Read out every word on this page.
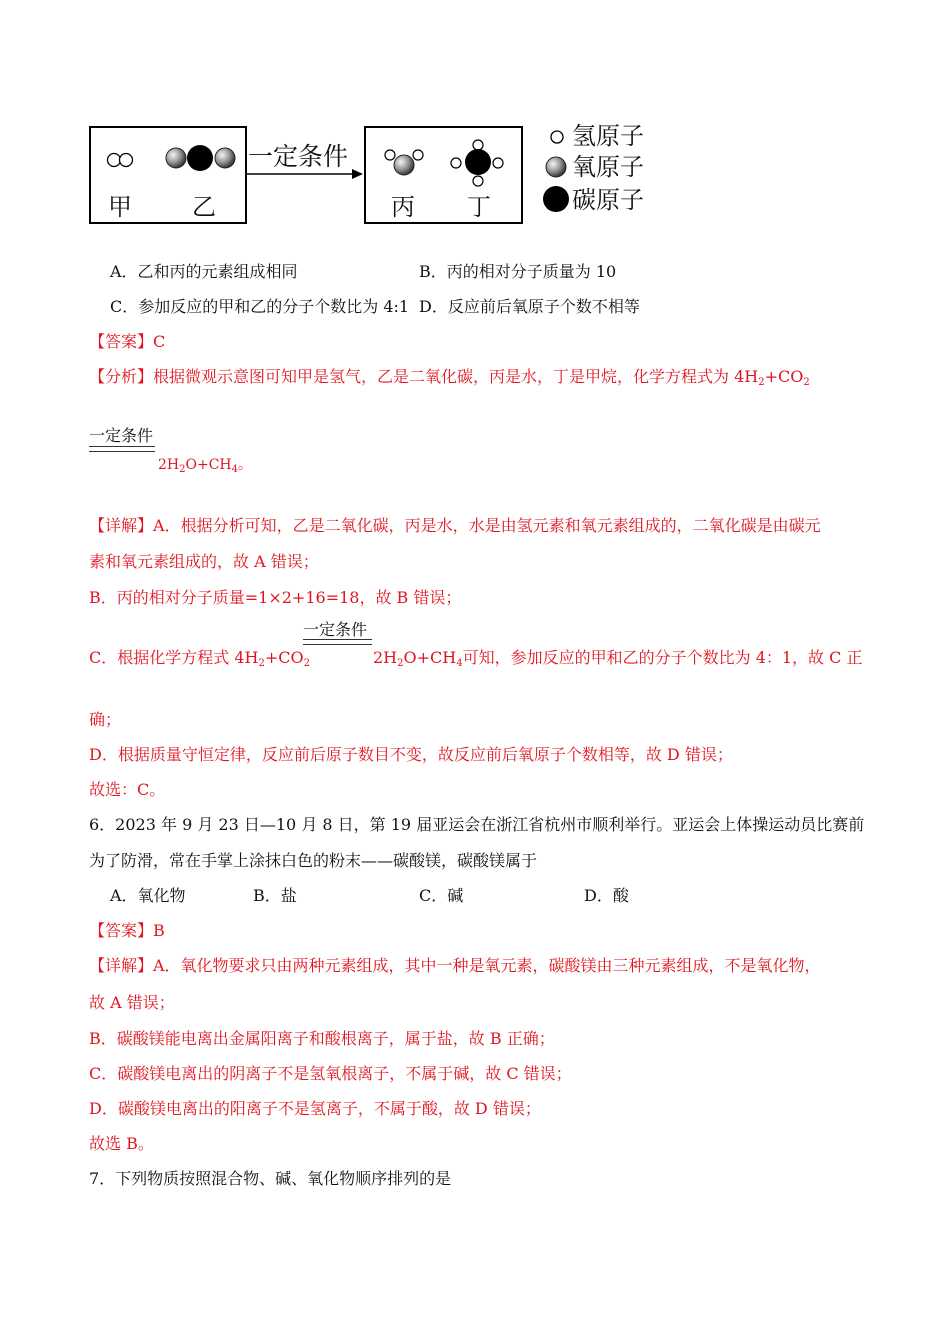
甲	乙
一定条件
丙 丁
氢原子
氧原子
碳原子
A．乙和丙的元素组成相同	B．丙的相对分子质量为 10
C．参加反应的甲和乙的分子个数比为 4:1 D．反应前后氧原子个数不相等
【答案】C
【分析】根据微观示意图可知甲是氢气，乙是二氧化碳，丙是水，丁是甲烷，化学方程式为 $4H_2+CO_2$
一定条件
$2H_2O+CH_4$。
【详解】A．根据分析可知，乙是二氧化碳，丙是水，水是由氢元素和氧元素组成的，二氧化碳是由碳元
素和氧元素组成的，故 A 错误；
B．丙的相对分子质量=1×2+16=18，故 B 错误；
一定条件
C．根据化学方程式 $4H_2+CO_2$	$2H_2O+CH_4$可知，参加反应的甲和乙的分子个数比为 4：1，故 C 正
确；
D．根据质量守恒定律，反应前后原子数目不变，故反应前后氧原子个数相等，故 D 错误；
故选：C。
6．2023 年 9 月 23 日—10 月 8 日，第 19 届亚运会在浙江省杭州市顺利举行。亚运会上体操运动员比赛前
为了防滑，常在手掌上涂抹白色的粉末——碳酸镁，碳酸镁属于
A．氧化物	B．盐	C．碱	D．酸
【答案】B
【详解】A．氧化物要求只由两种元素组成，其中一种是氧元素，碳酸镁由三种元素组成，不是氧化物，
故 A 错误；
B．碳酸镁能电离出金属阳离子和酸根离子，属于盐，故 B 正确；
C．碳酸镁电离出的阴离子不是氢氧根离子，不属于碱，故 C 错误；
D．碳酸镁电离出的阳离子不是氢离子，不属于酸，故 D 错误；
故选 B。
7．下列物质按照混合物、碱、氧化物顺序排列的是
